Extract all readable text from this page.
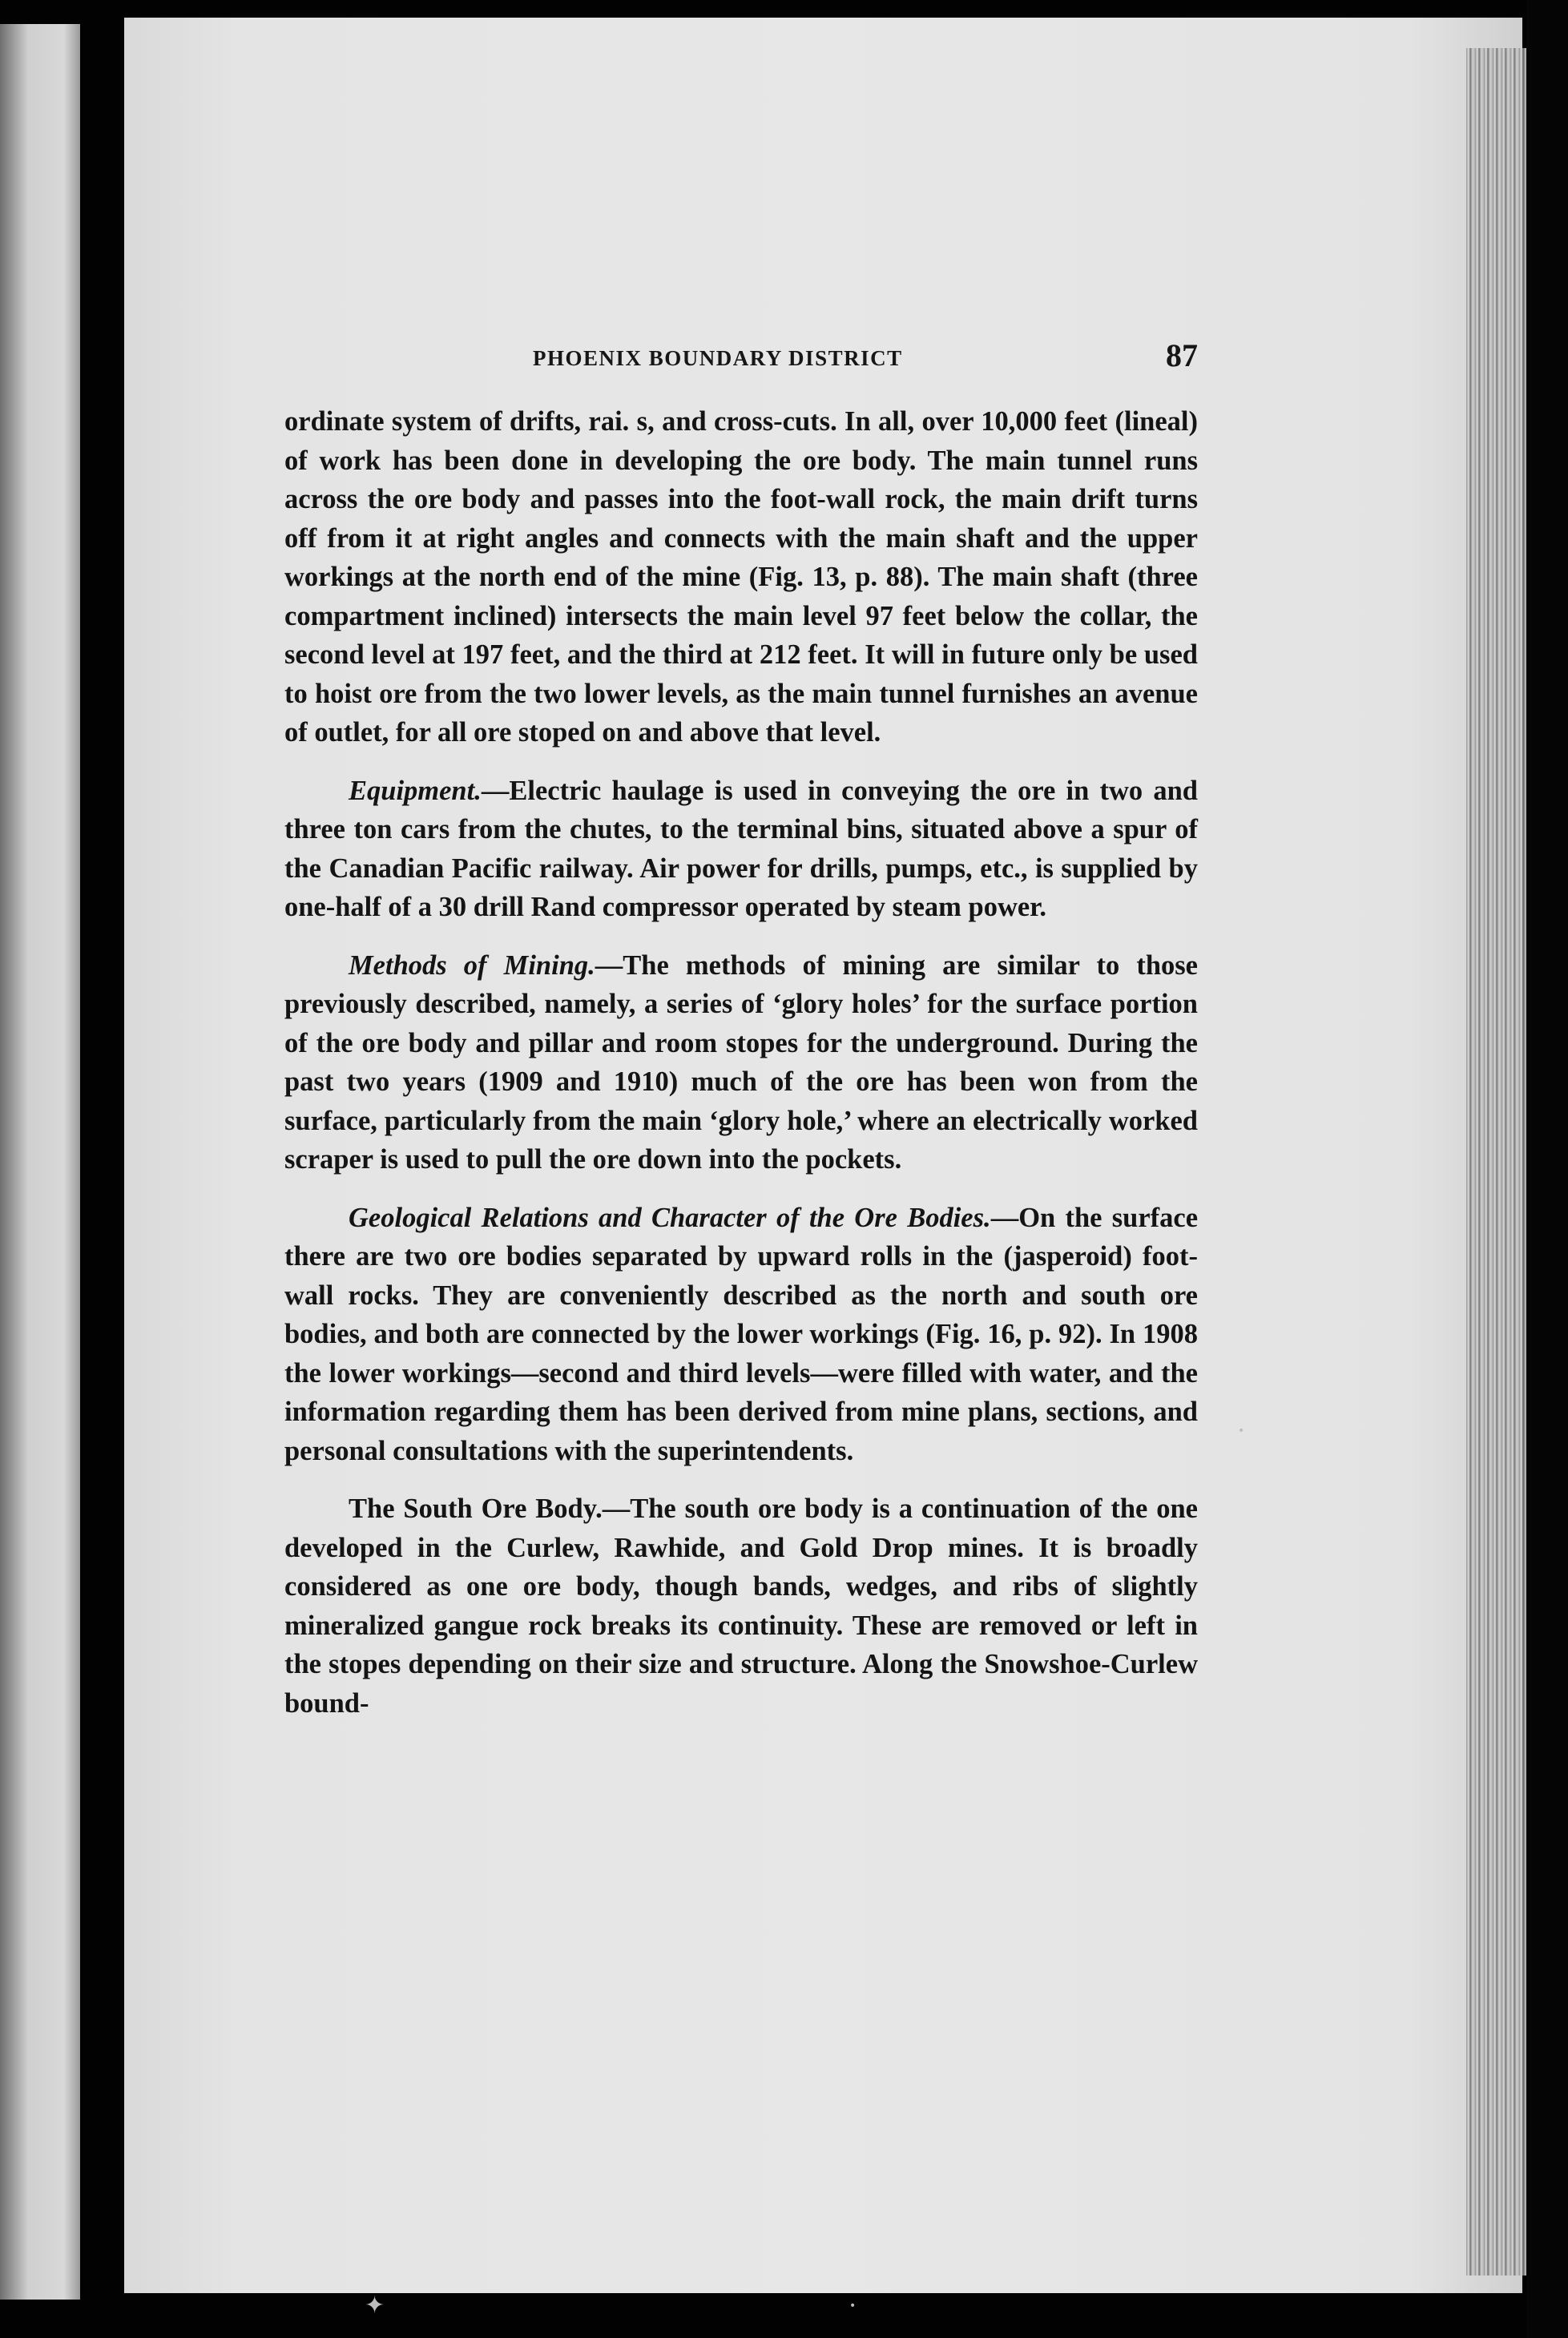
PHOENIX BOUNDARY DISTRICT	87

ordinate system of drifts, rai. s, and cross-cuts. In all, over 10,000 feet (lineal) of work has been done in developing the ore body. The main tunnel runs across the ore body and passes into the foot-wall rock, the main drift turns off from it at right angles and connects with the main shaft and the upper workings at the north end of the mine (Fig. 13, p. 88). The main shaft (three compartment inclined) intersects the main level 97 feet below the collar, the second level at 197 feet, and the third at 212 feet. It will in future only be used to hoist ore from the two lower levels, as the main tunnel furnishes an avenue of outlet, for all ore stoped on and above that level.

Equipment.—Electric haulage is used in conveying the ore in two and three ton cars from the chutes, to the terminal bins, situated above a spur of the Canadian Pacific railway. Air power for drills, pumps, etc., is supplied by one-half of a 30 drill Rand compressor operated by steam power.

Methods of Mining.—The methods of mining are similar to those previously described, namely, a series of ‘glory holes’ for the surface portion of the ore body and pillar and room stopes for the underground. During the past two years (1909 and 1910) much of the ore has been won from the surface, particularly from the main ‘glory hole,’ where an electrically worked scraper is used to pull the ore down into the pockets.

Geological Relations and Character of the Ore Bodies.—On the surface there are two ore bodies separated by upward rolls in the (jasperoid) foot-wall rocks. They are conveniently described as the north and south ore bodies, and both are connected by the lower workings (Fig. 16, p. 92). In 1908 the lower workings—second and third levels—were filled with water, and the information regarding them has been derived from mine plans, sections, and personal consultations with the superintendents.

The South Ore Body.—The south ore body is a continuation of the one developed in the Curlew, Rawhide, and Gold Drop mines. It is broadly considered as one ore body, though bands, wedges, and ribs of slightly mineralized gangue rock breaks its continuity. These are removed or left in the stopes depending on their size and structure. Along the Snowshoe-Curlew bound-

✦	•
•
